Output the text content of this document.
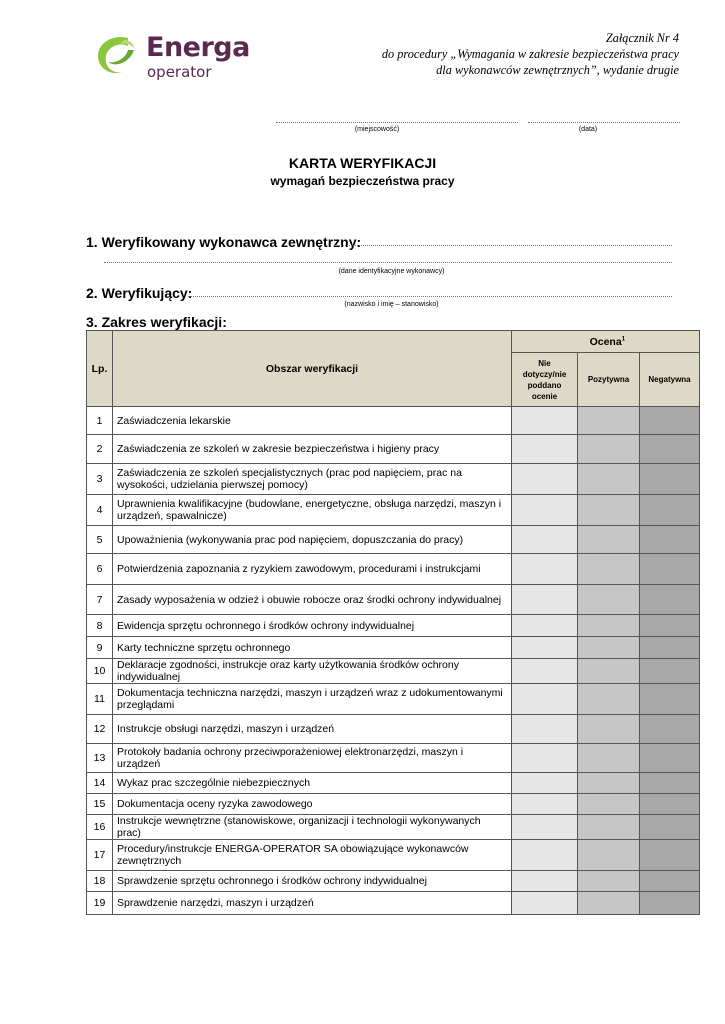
Energa
operator
Załącznik Nr 4
do procedury „Wymagania w zakresie bezpieczeństwa pracy
dla wykonawców zewnętrznych”, wydanie drugie
(miejscowość)	(data)
KARTA WERYFIKACJI
wymagań bezpieczeństwa pracy
1. Weryfikowany wykonawca zewnętrzny:
(dane identyfikacyjne wykonawcy)
2. Weryfikujący:
(nazwisko i imię – stanowisko)
3. Zakres weryfikacji:
Lp.	Obszar weryfikacji	Ocena$^1$
		Nie dotyczy/nie poddano ocenie	Pozytywna	Negatywna
1	Zaświadczenia lekarskie			
2	Zaświadczenia ze szkoleń w zakresie bezpieczeństwa i higieny pracy			
3	Zaświadczenia ze szkoleń specjalistycznych (prac pod napięciem, prac na wysokości, udzielania pierwszej pomocy)			
4	Uprawnienia kwalifikacyjne (budowlane, energetyczne, obsługa narzędzi, maszyn i urządzeń, spawalnicze)			
5	Upoważnienia (wykonywania prac pod napięciem, dopuszczania do pracy)			
6	Potwierdzenia zapoznania z ryzykiem zawodowym, procedurami i instrukcjami			
7	Zasady wyposażenia w odzież i obuwie robocze oraz środki ochrony indywidualnej			
8	Ewidencja sprzętu ochronnego i środków ochrony indywidualnej			
9	Karty techniczne sprzętu ochronnego			
10	Deklaracje zgodności, instrukcje oraz karty użytkowania środków ochrony indywidualnej			
11	Dokumentacja techniczna narzędzi, maszyn i urządzeń wraz z udokumentowanymi przeglądami			
12	Instrukcje obsługi narzędzi, maszyn i urządzeń			
13	Protokoły badania ochrony przeciwporażeniowej elektronarzędzi, maszyn i urządzeń			
14	Wykaz prac szczególnie niebezpiecznych			
15	Dokumentacja oceny ryzyka zawodowego			
16	Instrukcje wewnętrzne (stanowiskowe, organizacji i technologii wykonywanych prac)			
17	Procedury/instrukcje ENERGA-OPERATOR SA obowiązujące wykonawców zewnętrznych			
18	Sprawdzenie sprzętu ochronnego i środków ochrony indywidualnej			
19	Sprawdzenie narzędzi, maszyn i urządzeń			
